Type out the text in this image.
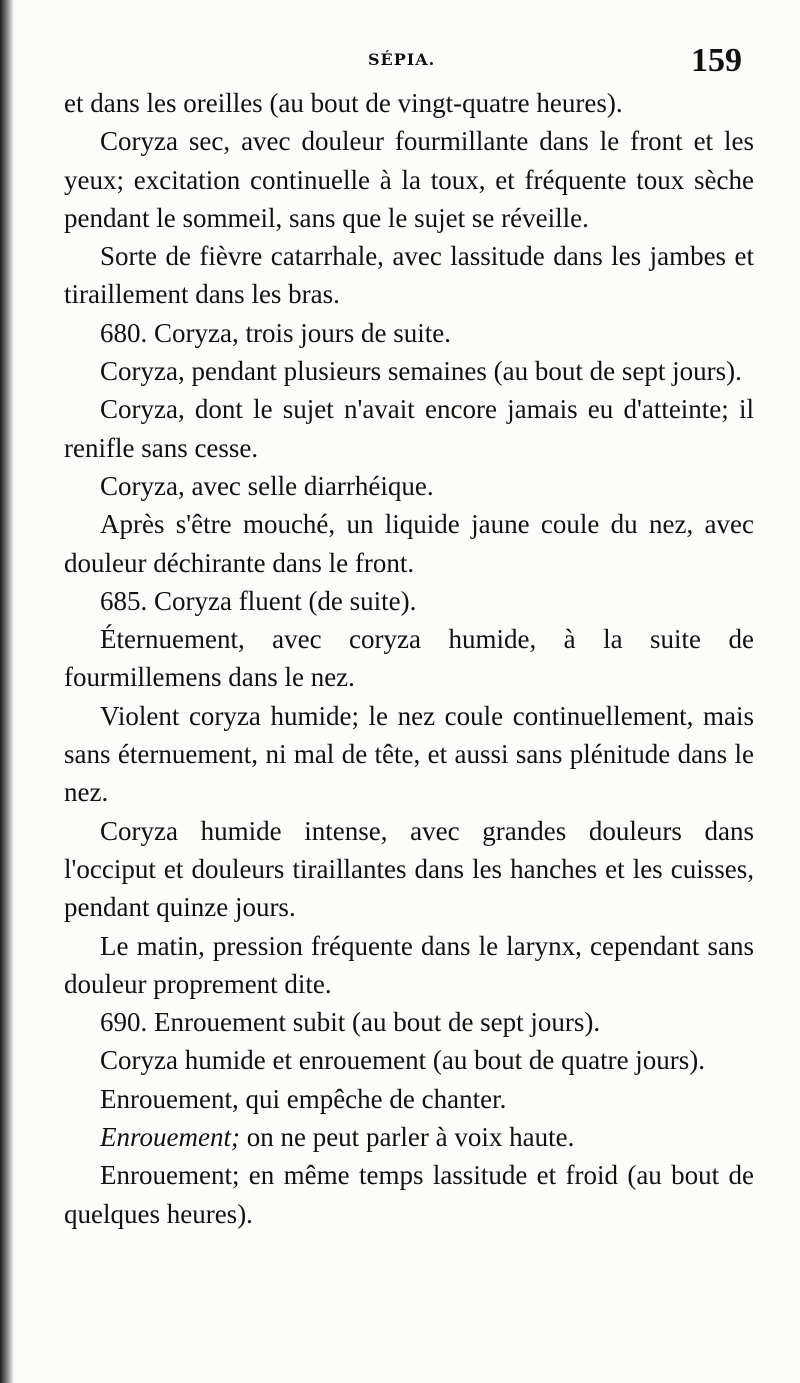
SÉPIA.	159

et dans les oreilles (au bout de vingt-quatre heures).

Coryza sec, avec douleur fourmillante dans le front et les yeux; excitation continuelle à la toux, et fréquente toux sèche pendant le sommeil, sans que le sujet se réveille.

Sorte de fièvre catarrhale, avec lassitude dans les jambes et tiraillement dans les bras.

680. Coryza, trois jours de suite.

Coryza, pendant plusieurs semaines (au bout de sept jours).

Coryza, dont le sujet n'avait encore jamais eu d'atteinte; il renifle sans cesse.

Coryza, avec selle diarrhéique.

Après s'être mouché, un liquide jaune coule du nez, avec douleur déchirante dans le front.

685. Coryza fluent (de suite).

Éternuement, avec coryza humide, à la suite de fourmillemens dans le nez.

Violent coryza humide; le nez coule continuellement, mais sans éternuement, ni mal de tête, et aussi sans plénitude dans le nez.

Coryza humide intense, avec grandes douleurs dans l'occiput et douleurs tiraillantes dans les hanches et les cuisses, pendant quinze jours.

Le matin, pression fréquente dans le larynx, cependant sans douleur proprement dite.

690. Enrouement subit (au bout de sept jours).

Coryza humide et enrouement (au bout de quatre jours).

Enrouement, qui empêche de chanter.

Enrouement; on ne peut parler à voix haute.

Enrouement; en même temps lassitude et froid (au bout de quelques heures).
